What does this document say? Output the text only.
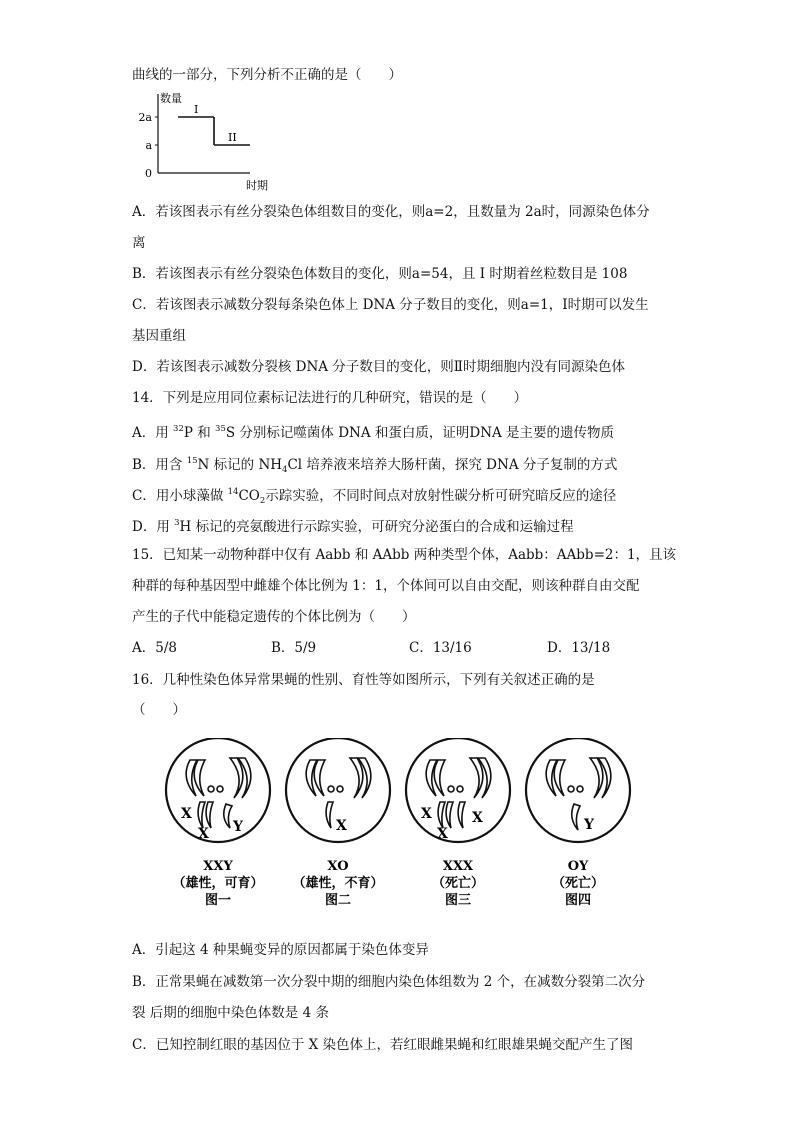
曲线的一部分，下列分析不正确的是（　　）
数量
时期
0
a
2a
I
II
A．若该图表示有丝分裂染色体组数目的变化，则a=2，且数量为 2a时，同源染色体分
离
B．若该图表示有丝分裂染色体数目的变化，则a=54，且 I 时期着丝粒数目是 108
C．若该图表示减数分裂每条染色体上 DNA 分子数目的变化，则a=1，I时期可以发生
基因重组
D．若该图表示减数分裂核 DNA 分子数目的变化，则Ⅱ时期细胞内没有同源染色体
14．下列是应用同位素标记法进行的几种研究，错误的是（　　）
A．用 $^{32}$P 和 $^{35}$S 分别标记噬菌体 DNA 和蛋白质，证明DNA 是主要的遗传物质
B．用含 $^{15}$N 标记的 $NH_4Cl$ 培养液来培养大肠杆菌，探究 DNA 分子复制的方式
C．用小球藻做 $^{14}CO_2$示踪实验，不同时间点对放射性碳分析可研究暗反应的途径
D．用 $^3$H 标记的亮氨酸进行示踪实验，可研究分泌蛋白的合成和运输过程
15．已知某一动物种群中仅有 Aabb 和 AAbb 两种类型个体，Aabb：AAbb=2：1，且该
种群的每种基因型中雌雄个体比例为 1：1，个体间可以自由交配，则该种群自由交配
产生的子代中能稳定遗传的个体比例为（　　）
A．5/8	B．5/9	C．13/16	D．13/18
16．几种性染色体异常果蝇的性别、育性等如图所示，下列有关叙述正确的是
（　　）
X
X Y
XXY
（雄性，可育）
图一
X
XO
（雄性，不育）
图二
X
X
X
XXX
（死亡）
图三
Y
OY
（死亡）
图四
A．引起这 4 种果蝇变异的原因都属于染色体变异
B．正常果蝇在减数第一次分裂中期的细胞内染色体组数为 2 个，在减数分裂第二次分
裂 后期的细胞中染色体数是 4 条
C．已知控制红眼的基因位于 X 染色体上，若红眼雌果蝇和红眼雄果蝇交配产生了图
